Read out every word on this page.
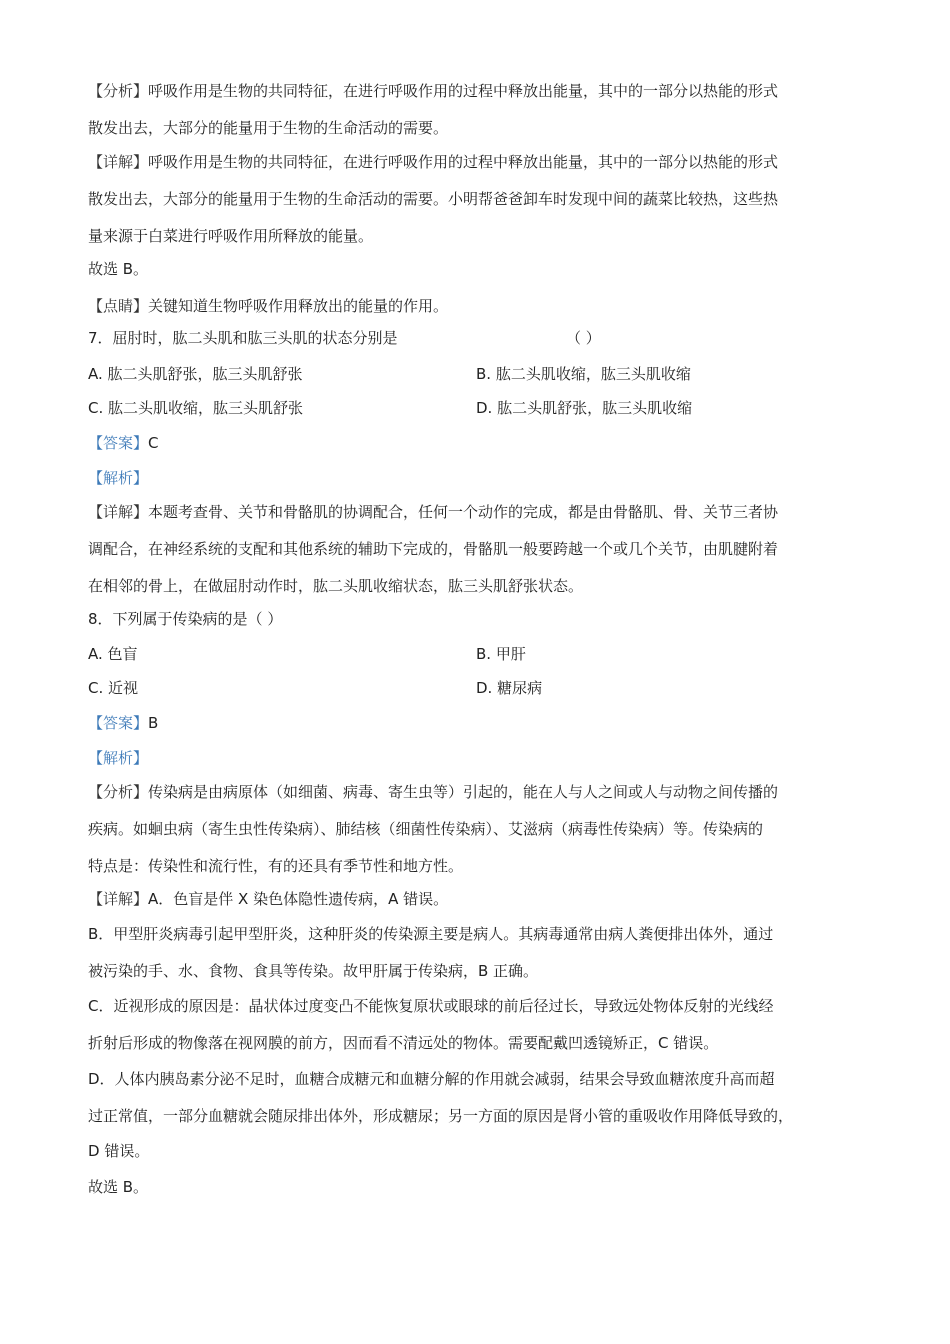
【分析】呼吸作用是生物的共同特征，在进行呼吸作用的过程中释放出能量，其中的一部分以热能的形式
散发出去，大部分的能量用于生物的生命活动的需要。
【详解】呼吸作用是生物的共同特征，在进行呼吸作用的过程中释放出能量，其中的一部分以热能的形式
散发出去，大部分的能量用于生物的生命活动的需要。小明帮爸爸卸车时发现中间的蔬菜比较热，这些热
量来源于白菜进行呼吸作用所释放的能量。
故选 B。
【点睛】关键知道生物呼吸作用释放出的能量的作用。
7．屈肘时，肱二头肌和肱三头肌的状态分别是	（ ）
A. 肱二头肌舒张，肱三头肌舒张	B. 肱二头肌收缩，肱三头肌收缩
C. 肱二头肌收缩，肱三头肌舒张	D. 肱二头肌舒张，肱三头肌收缩
【答案】C
【解析】
【详解】本题考查骨、关节和骨骼肌的协调配合，任何一个动作的完成，都是由骨骼肌、骨、关节三者协
调配合，在神经系统的支配和其他系统的辅助下完成的，骨骼肌一般要跨越一个或几个关节，由肌腱附着
在相邻的骨上，在做屈肘动作时，肱二头肌收缩状态，肱三头肌舒张状态。
8．下列属于传染病的是（ ）
A. 色盲	B. 甲肝
C. 近视	D. 糖尿病
【答案】B
【解析】
【分析】传染病是由病原体（如细菌、病毒、寄生虫等）引起的，能在人与人之间或人与动物之间传播的
疾病。如蛔虫病（寄生虫性传染病）、肺结核（细菌性传染病）、艾滋病（病毒性传染病）等。传染病的
特点是：传染性和流行性，有的还具有季节性和地方性。
【详解】A．色盲是伴 X 染色体隐性遗传病，A 错误。
B．甲型肝炎病毒引起甲型肝炎，这种肝炎的传染源主要是病人。其病毒通常由病人粪便排出体外，通过
被污染的手、水、食物、食具等传染。故甲肝属于传染病，B 正确。
C．近视形成的原因是：晶状体过度变凸不能恢复原状或眼球的前后径过长，导致远处物体反射的光线经
折射后形成的物像落在视网膜的前方，因而看不清远处的物体。需要配戴凹透镜矫正，C 错误。
D．人体内胰岛素分泌不足时，血糖合成糖元和血糖分解的作用就会减弱，结果会导致血糖浓度升高而超
过正常值，一部分血糖就会随尿排出体外，形成糖尿；另一方面的原因是肾小管的重吸收作用降低导致的，
D 错误。
故选 B。
